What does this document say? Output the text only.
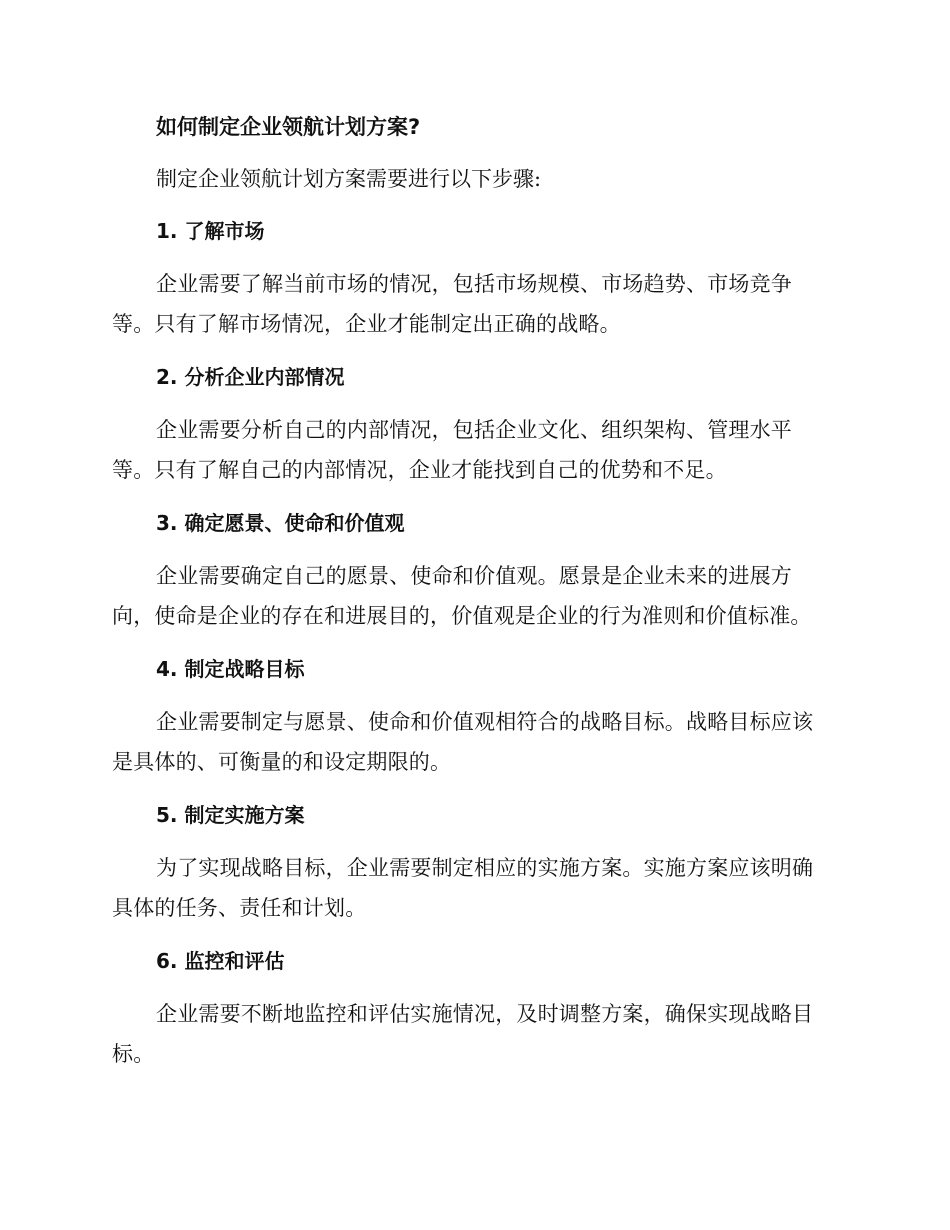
如何制定企业领航计划方案?

制定企业领航计划方案需要进行以下步骤:

1. 了解市场

企业需要了解当前市场的情况，包括市场规模、市场趋势、市场竞争等。只有了解市场情况，企业才能制定出正确的战略。

2. 分析企业内部情况

企业需要分析自己的内部情况，包括企业文化、组织架构、管理水平等。只有了解自己的内部情况，企业才能找到自己的优势和不足。

3. 确定愿景、使命和价值观

企业需要确定自己的愿景、使命和价值观。愿景是企业未来的进展方向，使命是企业的存在和进展目的，价值观是企业的行为准则和价值标准。

4. 制定战略目标

企业需要制定与愿景、使命和价值观相符合的战略目标。战略目标应该是具体的、可衡量的和设定期限的。

5. 制定实施方案

为了实现战略目标，企业需要制定相应的实施方案。实施方案应该明确具体的任务、责任和计划。

6. 监控和评估

企业需要不断地监控和评估实施情况，及时调整方案，确保实现战略目标。
